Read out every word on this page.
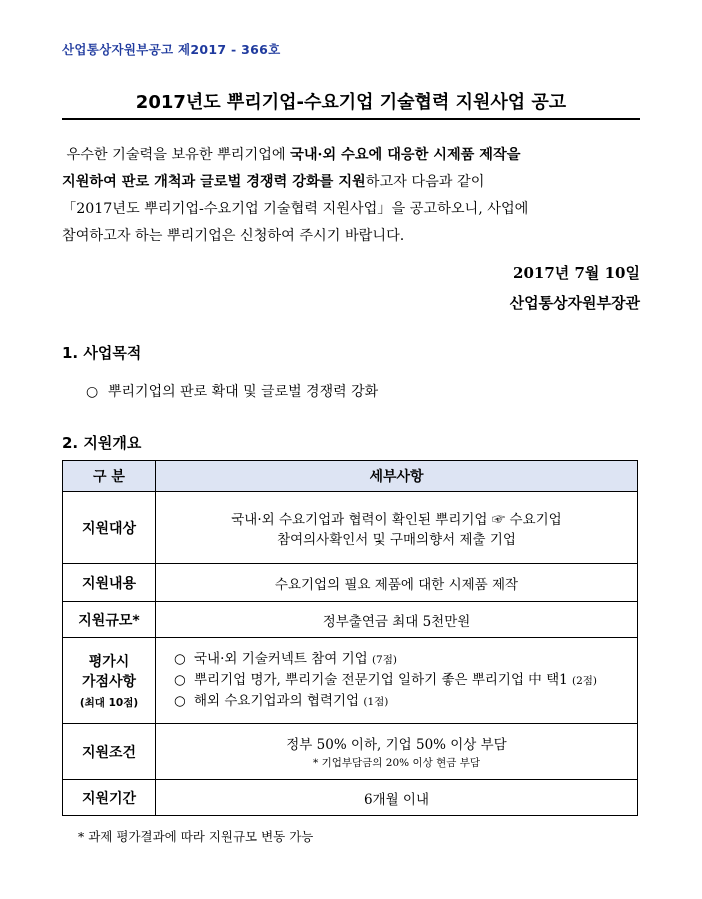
산업통상자원부공고 제2017 - 366호
2017년도 뿌리기업-수요기업 기술협력 지원사업 공고
우수한 기술력을 보유한 뿌리기업에 국내·외 수요에 대응한 시제품 제작을
지원하여 판로 개척과 글로벌 경쟁력 강화를 지원하고자 다음과 같이
「2017년도 뿌리기업-수요기업 기술협력 지원사업」을 공고하오니, 사업에
참여하고자 하는 뿌리기업은 신청하여 주시기 바랍니다.
2017년 7월 10일
산업통상자원부장관
1. 사업목적
○ 뿌리기업의 판로 확대 및 글로벌 경쟁력 강화
2. 지원개요
구 분	세부사항
지원대상	국내·외 수요기업과 협력이 확인된 뿌리기업 ☞ 수요기업
참여의사확인서 및 구매의향서 제출 기업

지원내용	수요기업의 필요 제품에 대한 시제품 제작
지원규모*	정부출연금 최대 5천만원

평가시
가점사항
(최대 10점)	○ 국내·외 기술커넥트 참여 기업 (7점)
○ 뿌리기업 명가, 뿌리기술 전문기업 일하기 좋은 뿌리기업 中 택1 (2점)
○ 해외 수요기업과의 협력기업 (1점)

지원조건	정부 50% 이하, 기업 50% 이상 부담
* 기업부담금의 20% 이상 현금 부담

지원기간	6개월 이내
* 과제 평가결과에 따라 지원규모 변동 가능
